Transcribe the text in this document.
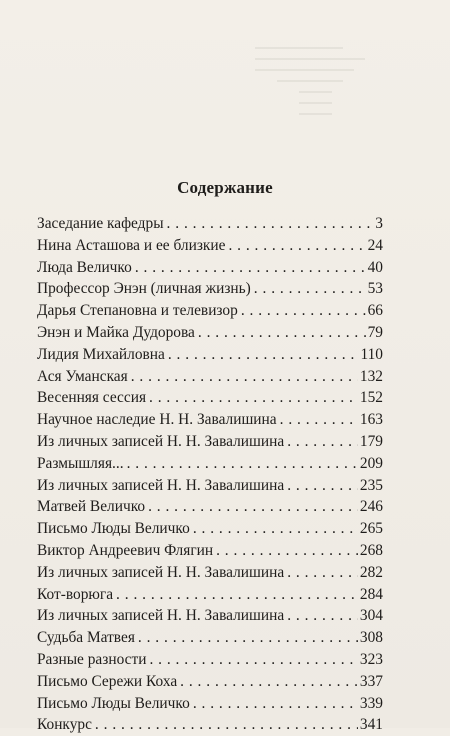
Содержание
Заседание кафедры . . .	3
Нина Асташова и ее близкие . . .	24
Люда Величко . . .	40
Профессор Энэн (личная жизнь) . . .	53
Дарья Степановна и телевизор . . .	66
Энэн и Майка Дудорова . . .	79
Лидия Михайловна . . .	110
Ася Уманская . . .	132
Весенняя сессия . . .	152
Научное наследие Н. Н. Завалишина . . .	163
Из личных записей Н. Н. Завалишина . . .	179
Размышляя... . . .	209
Из личных записей Н. Н. Завалишина . . .	235
Матвей Величко . . .	246
Письмо Люды Величко . . .	265
Виктор Андреевич Флягин . . .	268
Из личных записей Н. Н. Завалишина . . .	282
Кот-ворюга . . .	284
Из личных записей Н. Н. Завалишина . . .	304
Судьба Матвея . . .	308
Разные разности . . .	323
Письмо Сережи Коха . . .	337
Письмо Люды Величко . . .	339
Конкурс . . .	341
